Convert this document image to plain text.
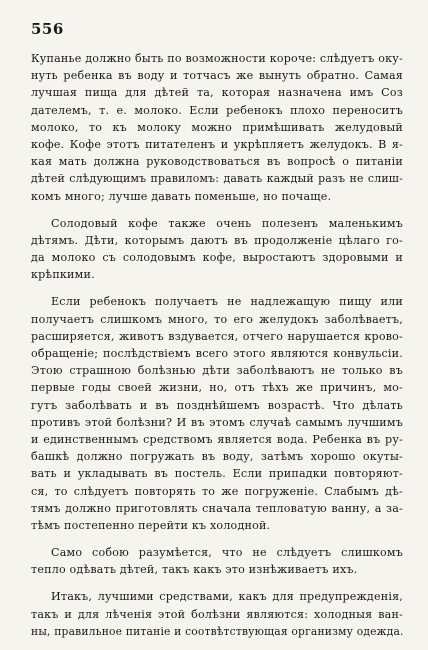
556
Купанье должно быть по возможности короче: слѣдуетъ оку-
нуть ребенка въ воду и тотчасъ же вынуть обратно. Самая
лучшая пища для дѣтей та, которая назначена имъ Соз
дателемъ, т. е. молоко. Если ребенокъ плохо переноситъ
молоко, то къ молоку можно примѣшивать желудовый
кофе. Кофе этотъ питателенъ и укрѣпляетъ желудокъ. В я-
кая мать должна руководствоваться въ вопросѣ о питаніи
дѣтей слѣдующимъ правиломъ: давать каждый разъ не слиш-
комъ много; лучше давать поменьше, но почаще.
Солодовый кофе также очень полезенъ маленькимъ
дѣтямъ. Дѣти, которымъ даютъ въ продолженіе цѣлаго го-
да молоко съ солодовымъ кофе, выростаютъ здоровыми и
крѣпкими.
Если ребенокъ получаетъ не надлежащую пищу или
получаетъ слишкомъ много, то его желудокъ заболѣваетъ,
расширяется, животъ вздувается, отчего нарушается крово-
обращеніе; послѣдствіемъ всего этого являются конвульсіи.
Этою страшною болѣзнью дѣти заболѣваютъ не только въ
первые годы своей жизни, но, отъ тѣхъ же причинъ, мо-
гутъ заболѣвать и въ позднѣйшемъ возрастѣ. Что дѣлать
противъ этой болѣзни? И въ этомъ случаѣ самымъ лучшимъ
и единственнымъ средствомъ является вода. Ребенка въ ру-
башкѣ должно погружать въ воду, затѣмъ хорошо окуты-
вать и укладывать въ постель. Если припадки повторяют-
ся, то слѣдуетъ повторять то же погруженіе. Слабымъ дѣ-
тямъ должно приготовлять сначала тепловатую ванну, а за-
тѣмъ постепенно перейти къ холодной.
Само собою разумѣется, что не слѣдуетъ слишкомъ
тепло одѣвать дѣтей, такъ какъ это изнѣживаетъ ихъ.
Итакъ, лучшими средствами, какъ для предупрежденія,
такъ и для лѣченія этой болѣзни являются: холодныя ван-
ны, правильное питаніе и соотвѣтствующая организму одежда.
